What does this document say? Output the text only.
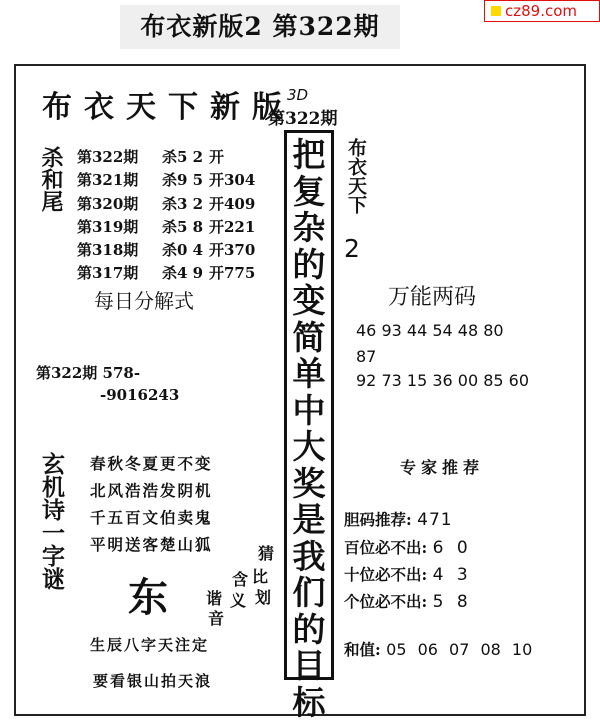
布衣新版2 第322期
cz89.com
布衣天下新版
3D
第322期
杀和尾 第322期 杀5 2 开
第321期 杀9 5 开304
第320期 杀3 2 开409
第319期 杀5 8 开221
第318期 杀0 4 开370
第317期 杀4 9 开775
每日分解式
第322期 578-
-9016243
玄机诗一字谜 春秋冬夏更不变
北风浩浩发阴机
千五百文伯卖鬼
平明送客楚山狐
东
猜
比
划
含
义
谐
音
生辰八字天注定
要看银山拍天浪
把
复
杂
的
变
简
单
中
大
奖
是
我
们
的
目
标
布衣天下
2
万能两码
46 93 44 54 48 80
87
92 73 15 36 00 85 60
专家推荐
胆码推荐: 471
百位必不出: 6 0
十位必不出: 4 3
个位必不出: 5 8
和值: 05 06 07 08 10
